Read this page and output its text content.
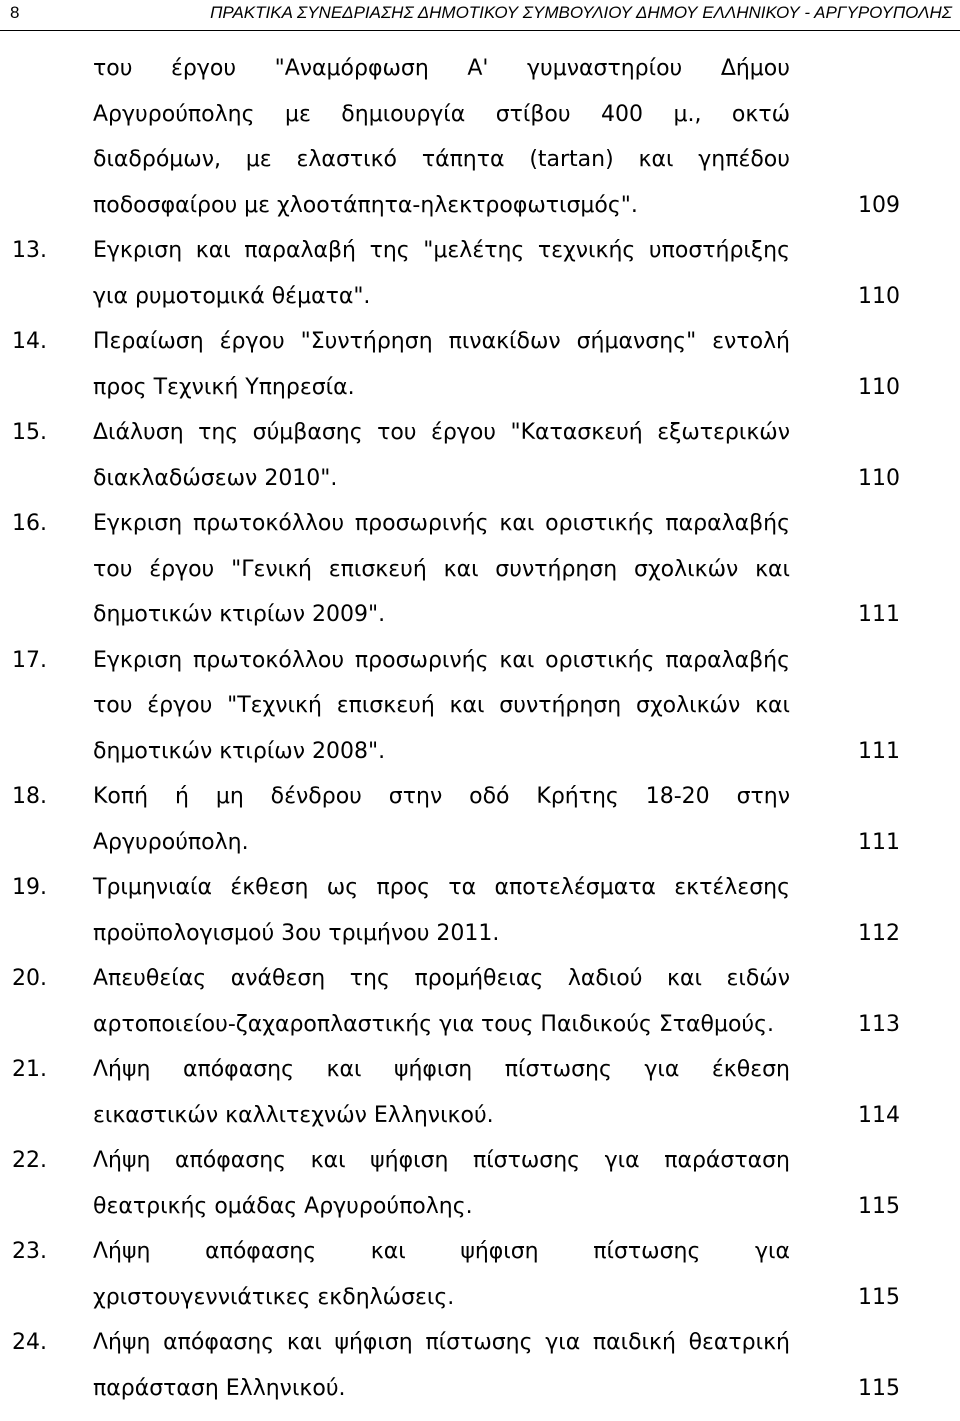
8	ΠΡΑΚΤΙΚΑ ΣΥΝΕΔΡΙΑΣΗΣ ΔΗΜΟΤΙΚΟΥ ΣΥΜΒΟΥΛΙΟΥ ΔΗΜΟΥ ΕΛΛΗΝΙΚΟΥ - ΑΡΓΥΡΟΥΠΟΛΗΣ
του έργου "Αναμόρφωση Α' γυμναστηρίου Δήμου
Αργυρούπολης με δημιουργία στίβου 400 μ., οκτώ
διαδρόμων, με ελαστικό τάπητα (tartan) και γηπέδου
ποδοσφαίρου με χλοοτάπητα-ηλεκτροφωτισμός".	109
13. Εγκριση και παραλαβή της "μελέτης τεχνικής υποστήριξης
για ρυμοτομικά θέματα".	110
14. Περαίωση έργου "Συντήρηση πινακίδων σήμανσης" εντολή
προς Τεχνική Υπηρεσία.	110
15. Διάλυση της σύμβασης του έργου "Κατασκευή εξωτερικών
διακλαδώσεων 2010".	110
16. Εγκριση πρωτοκόλλου προσωρινής και οριστικής παραλαβής
του έργου "Γενική επισκευή και συντήρηση σχολικών και
δημοτικών κτιρίων 2009".	111
17. Εγκριση πρωτοκόλλου προσωρινής και οριστικής παραλαβής
του έργου "Τεχνική επισκευή και συντήρηση σχολικών και
δημοτικών κτιρίων 2008".	111
18. Κοπή ή μη δένδρου στην οδό Κρήτης 18-20 στην
Αργυρούπολη.	111
19. Τριμηνιαία έκθεση ως προς τα αποτελέσματα εκτέλεσης
προϋπολογισμού 3ου τριμήνου 2011.	112
20. Απευθείας ανάθεση της προμήθειας λαδιού και ειδών
αρτοποιείου-ζαχαροπλαστικής για τους Παιδικούς Σταθμούς.	113
21. Λήψη απόφασης και ψήφιση πίστωσης για έκθεση
εικαστικών καλλιτεχνών Ελληνικού.	114
22. Λήψη απόφασης και ψήφιση πίστωσης για παράσταση
θεατρικής ομάδας Αργυρούπολης.	115
23. Λήψη απόφασης και ψήφιση πίστωσης για
χριστουγεννιάτικες εκδηλώσεις.	115
24. Λήψη απόφασης και ψήφιση πίστωσης για παιδική θεατρική
παράσταση Ελληνικού.	115
